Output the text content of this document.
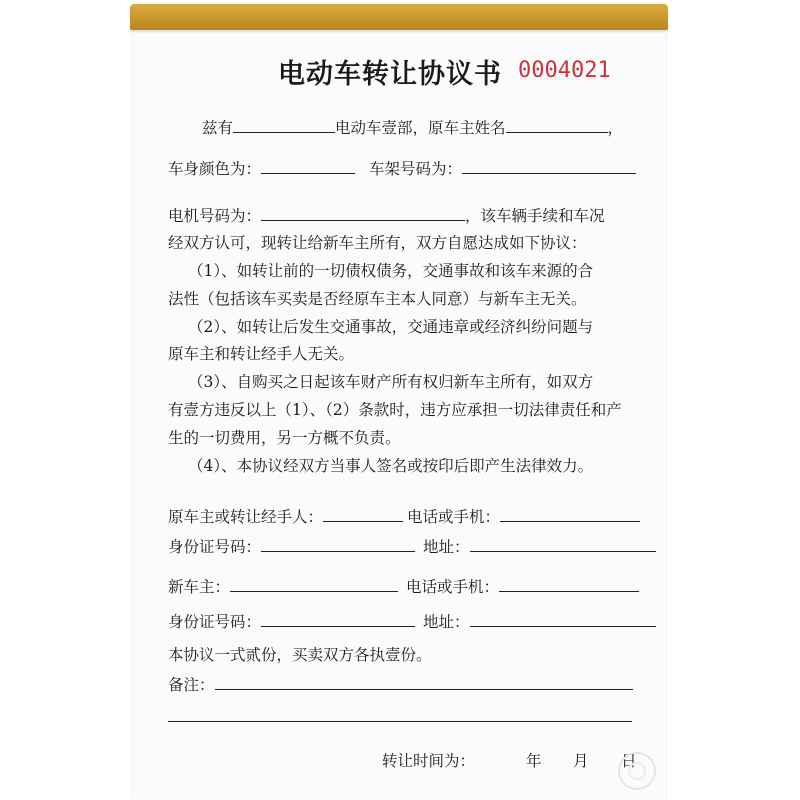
电动车转让协议书 0004021
兹有	电动车壹部，原车主姓名	，
车身颜色为：	车架号码为：
电机号码为：	，该车辆手续和车况
经双方认可，现转让给新车主所有，双方自愿达成如下协议：
（1）、如转让前的一切债权债务，交通事故和该车来源的合
法性（包括该车买卖是否经原车主本人同意）与新车主无关。
（2）、如转让后发生交通事故，交通违章或经济纠纷问题与
原车主和转让经手人无关。
（3）、自购买之日起该车财产所有权归新车主所有，如双方
有壹方违反以上（1）、（2）条款时，违方应承担一切法律责任和产
生的一切费用，另一方概不负责。
（4）、本协议经双方当事人签名或按印后即产生法律效力。
原车主或转让经手人：	电话或手机：
身份证号码：	地址：
新车主：	电话或手机：
身份证号码：	地址：
本协议一式贰份，买卖双方各执壹份。
备注：
转让时间为：	年 月 日
